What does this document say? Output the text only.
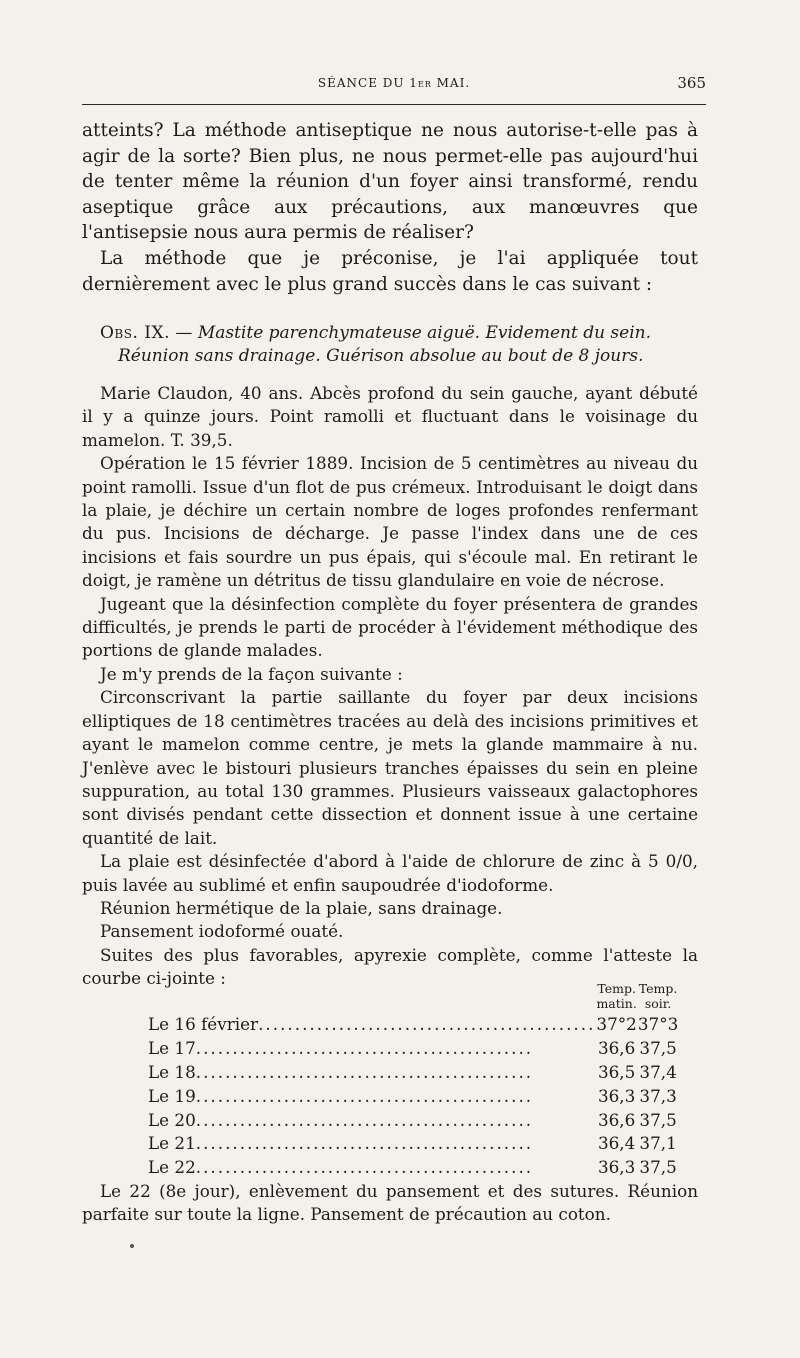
SÉANCE DU 1er MAI.	365

atteints? La méthode antiseptique ne nous autorise-t-elle pas à agir de la sorte? Bien plus, ne nous permet-elle pas aujourd'hui de tenter même la réunion d'un foyer ainsi transformé, rendu aseptique grâce aux précautions, aux manœuvres que l'antisepsie nous aura permis de réaliser?

La méthode que je préconise, je l'ai appliquée tout dernièrement avec le plus grand succès dans le cas suivant :

Obs. IX. — Mastite parenchymateuse aiguë. Evidement du sein.
Réunion sans drainage. Guérison absolue au bout de 8 jours.

Marie Claudon, 40 ans. Abcès profond du sein gauche, ayant débuté il y a quinze jours. Point ramolli et fluctuant dans le voisinage du mamelon. T. 39,5.

Opération le 15 février 1889. Incision de 5 centimètres au niveau du point ramolli. Issue d'un flot de pus crémeux. Introduisant le doigt dans la plaie, je déchire un certain nombre de loges profondes renfermant du pus. Incisions de décharge. Je passe l'index dans une de ces incisions et fais sourdre un pus épais, qui s'écoule mal. En retirant le doigt, je ramène un détritus de tissu glandulaire en voie de nécrose.

Jugeant que la désinfection complète du foyer présentera de grandes difficultés, je prends le parti de procéder à l'évidement méthodique des portions de glande malades.

Je m'y prends de la façon suivante :

Circonscrivant la partie saillante du foyer par deux incisions elliptiques de 18 centimètres tracées au delà des incisions primitives et ayant le mamelon comme centre, je mets la glande mammaire à nu. J'enlève avec le bistouri plusieurs tranches épaisses du sein en pleine suppuration, au total 130 grammes. Plusieurs vaisseaux galactophores sont divisés pendant cette dissection et donnent issue à une certaine quantité de lait.

La plaie est désinfectée d'abord à l'aide de chlorure de zinc à 5 0/0, puis lavée au sublimé et enfin saupoudrée d'iodoforme.

Réunion hermétique de la plaie, sans drainage.

Pansement iodoformé ouaté.

Suites des plus favorables, apyrexie complète, comme l'atteste la courbe ci-jointe :

	Temp. matin.	Temp. soir.
Le 16 février..............................................	37°2	37°3
Le 17..............................................	36,6	37,5
Le 18..............................................	36,5	37,4
Le 19..............................................	36,3	37,3
Le 20..............................................	36,6	37,5
Le 21..............................................	36,4	37,1
Le 22..............................................	36,3	37,5

Le 22 (8e jour), enlèvement du pansement et des sutures. Réunion parfaite sur toute la ligne. Pansement de précaution au coton.
